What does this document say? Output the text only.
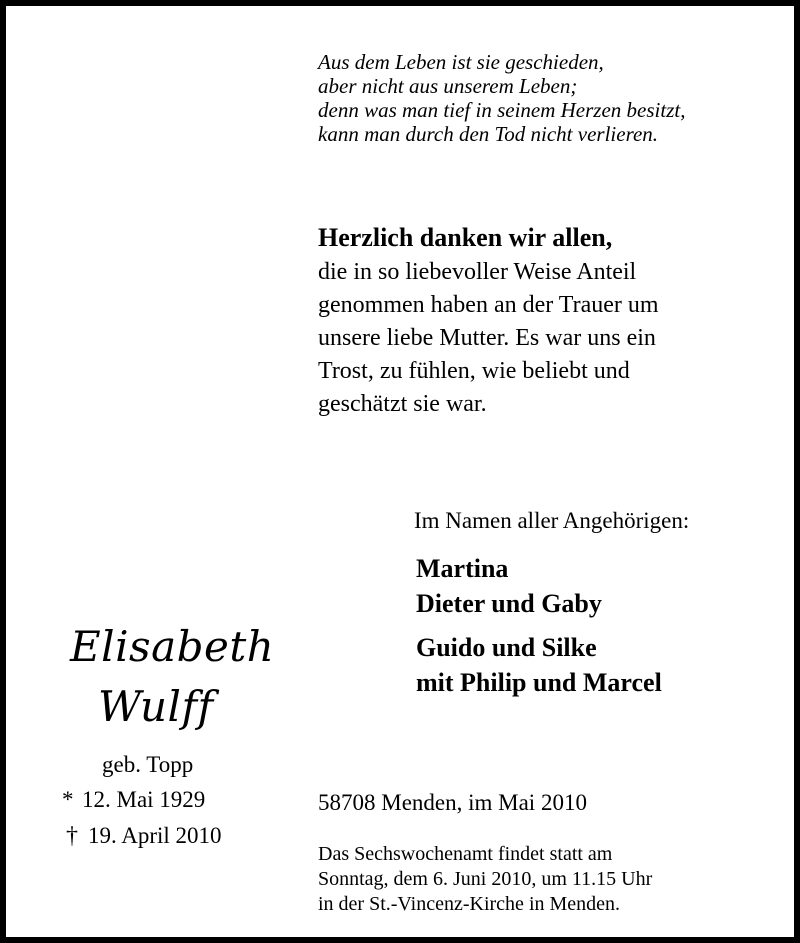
Aus dem Leben ist sie geschieden,
aber nicht aus unserem Leben;
denn was man tief in seinem Herzen besitzt,
kann man durch den Tod nicht verlieren.
Herzlich danken wir allen,
die in so liebevoller Weise Anteil
genommen haben an der Trauer um
unsere liebe Mutter. Es war uns ein
Trost, zu fühlen, wie beliebt und
geschätzt sie war.
Im Namen aller Angehörigen:
Martina
Dieter und Gaby
Guido und Silke
mit Philip und Marcel
Elisabeth
Wulff
geb. Topp
* 12. Mai 1929
† 19. April 2010
58708 Menden, im Mai 2010
Das Sechswochenamt findet statt am
Sonntag, dem 6. Juni 2010, um 11.15 Uhr
in der St.-Vincenz-Kirche in Menden.
